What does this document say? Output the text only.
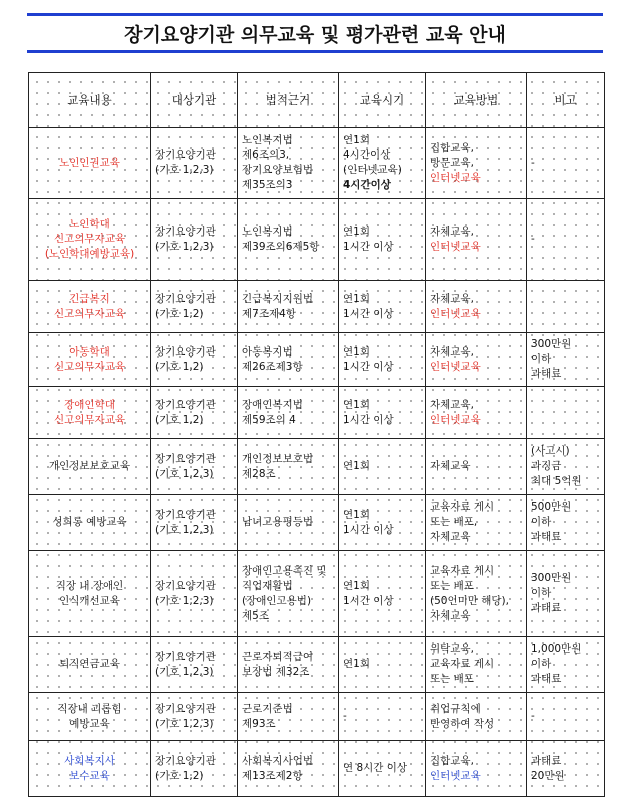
장기요양기관 의무교육 및 평가관련 교육 안내
교육내용	대상기관	법적근거	교육시기	교육방법	비고

노인인권교육	장기요양기관
(기호 1,2,3)	노인복지법
제6조의3,
장기요양보험법
제35조의3	연1회
4시간이상
(인터넷교육)
4시간이상	집합교육,
방문교육,
인터넷교육	-

노인학대
신고의무자교육
(노인학대예방교육)	장기요양기관
(기호 1,2,3)	노인복지법
제39조의6제5항	연1회
1시간 이상	자체교육,
인터넷교육	-

긴급복지
신고의무자교육	장기요양기관
(기호 1,2)	긴급복지지원법
제7조제4항	연1회
1시간 이상	자체교육,
인터넷교육	

아동학대
신고의무자교육	장기요양기관
(기호 1,2)	아동복지법
제26조제3항	연1회
1시간 이상	자체교육,
인터넷교육	300만원
이하
과태료

장애인학대
신고의무자교육	장기요양기관
(기호 1,2)	장애인복지법
제59조의 4	연1회
1시간 이상	자체교육,
인터넷교육	

개인정보보호교육	장기요양기관
(기호 1,2,3)	개인정보보호법
제28조	연1회	자체교육	(사고시)
과징금
최대 5억원

성희롱 예방교육	장기요양기관
(기호 1,2,3)	남녀고용평등법	연1회
1시간 이상	교육자료 게시
또는 배포,
자체교육	500만원
이하
과태료

직장 내 장애인
인식개선교육	장기요양기관
(기호 1,2,3)	장애인고용촉진 및
직업재활법
(장애인고용법)
제5조	연1회
1시간 이상	교육자료 게시
또는 배포
(50인미만 해당),
자체교육	300만원
이하
과태료

퇴직연금교육	장기요양기관
(기호 1,2,3)	근로자퇴직급여
보장법 제32조	연1회	위탁교육,
교육자료 게시
또는 배포	1,000만원
이하
과태료

직장내 괴롭힘
예방교육	장기요양기관
(기호 1,2,3)	근로기준법
제93조	-	취업규칙에
반영하여 작성	-

사회복지사
보수교육	장기요양기관
(기호 1,2)	사회복지사업법
제13조제2항	연 8시간 이상	집합교육,
인터넷교육	과태료
20만원
